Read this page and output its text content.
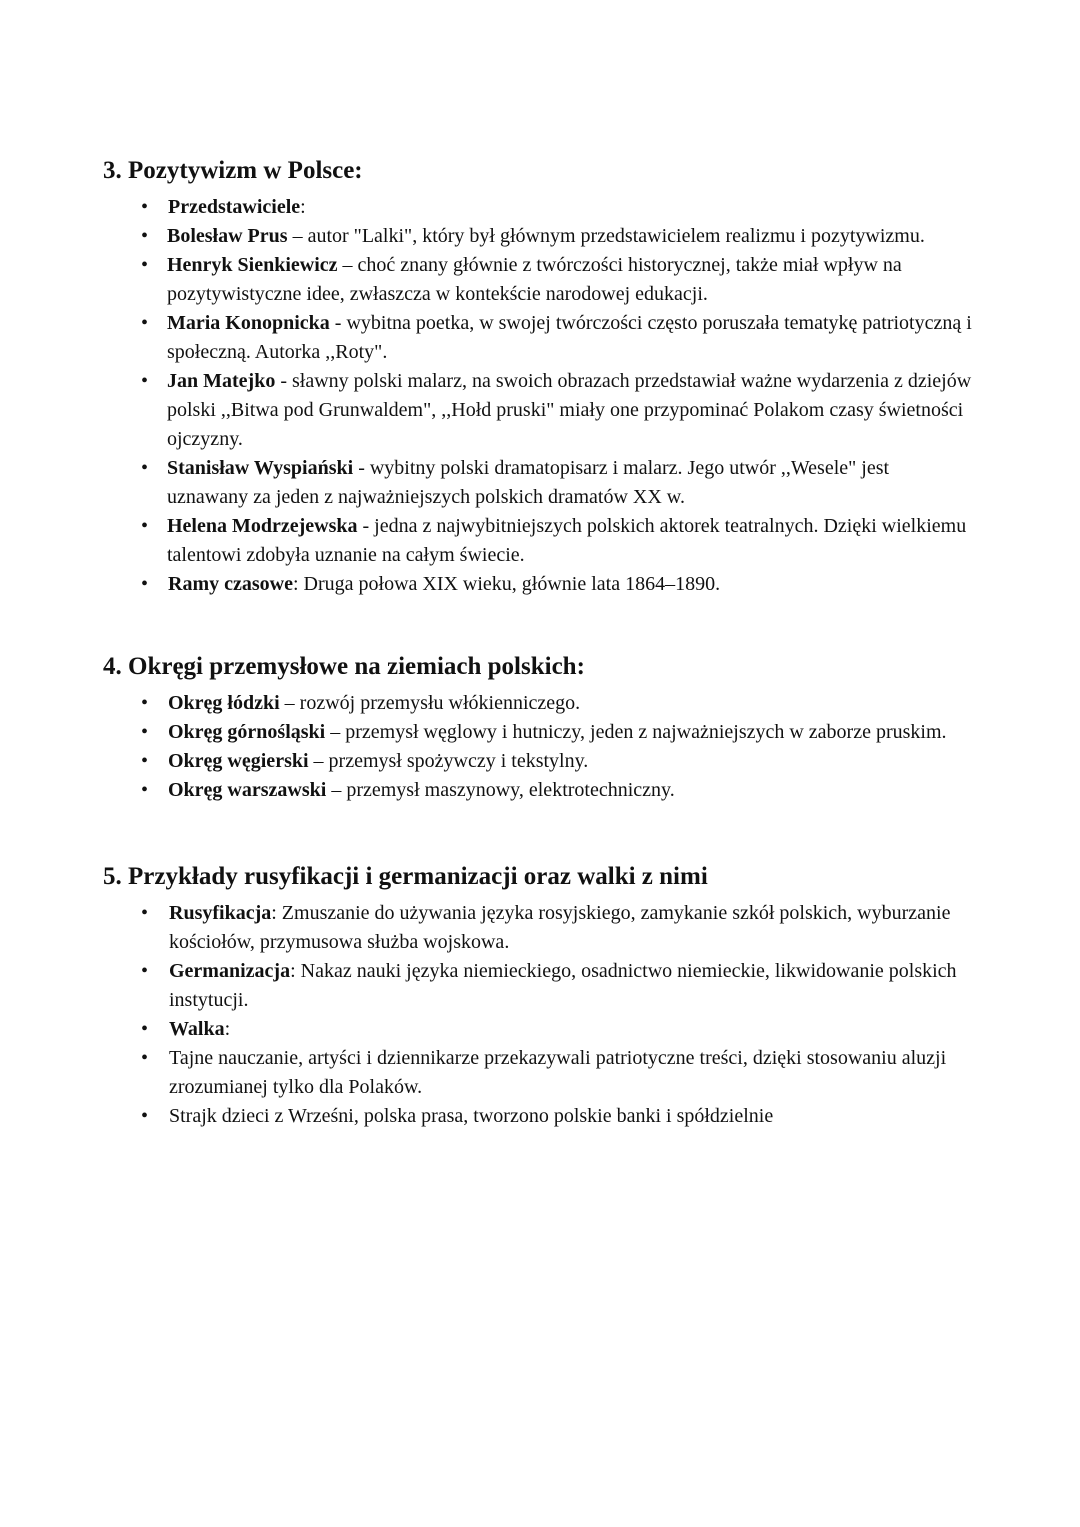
3. Pozytywizm w Polsce:
• Przedstawiciele:
• Bolesław Prus – autor "Lalki", który był głównym przedstawicielem realizmu i pozytywizmu.
• Henryk Sienkiewicz – choć znany głównie z twórczości historycznej, także miał wpływ na pozytywistyczne idee, zwłaszcza w kontekście narodowej edukacji.
• Maria Konopnicka - wybitna poetka, w swojej twórczości często poruszała tematykę patriotyczną i społeczną. Autorka ,,Roty".
• Jan Matejko - sławny polski malarz, na swoich obrazach przedstawiał ważne wydarzenia z dziejów polski ,,Bitwa pod Grunwaldem", ,,Hołd pruski" miały one przypominać Polakom czasy świetności ojczyzny.
• Stanisław Wyspiański - wybitny polski dramatopisarz i malarz. Jego utwór ,,Wesele" jest uznawany za jeden z najważniejszych polskich dramatów XX w.
• Helena Modrzejewska - jedna z najwybitniejszych polskich aktorek teatralnych. Dzięki wielkiemu talentowi zdobyła uznanie na całym świecie.
• Ramy czasowe: Druga połowa XIX wieku, głównie lata 1864–1890.
4. Okręgi przemysłowe na ziemiach polskich:
• Okręg łódzki – rozwój przemysłu włókienniczego.
• Okręg górnośląski – przemysł węglowy i hutniczy, jeden z najważniejszych w zaborze pruskim.
• Okręg węgierski – przemysł spożywczy i tekstylny.
• Okręg warszawski – przemysł maszynowy, elektrotechniczny.
5. Przykłady rusyfikacji i germanizacji oraz walki z nimi
• Rusyfikacja: Zmuszanie do używania języka rosyjskiego, zamykanie szkół polskich, wyburzanie kościołów, przymusowa służba wojskowa.
• Germanizacja: Nakaz nauki języka niemieckiego, osadnictwo niemieckie, likwidowanie polskich instytucji.
• Walka:
• Tajne nauczanie, artyści i dziennikarze przekazywali patriotyczne treści, dzięki stosowaniu aluzji zrozumianej tylko dla Polaków.
• Strajk dzieci z Wrześni, polska prasa, tworzono polskie banki i spółdzielnie
